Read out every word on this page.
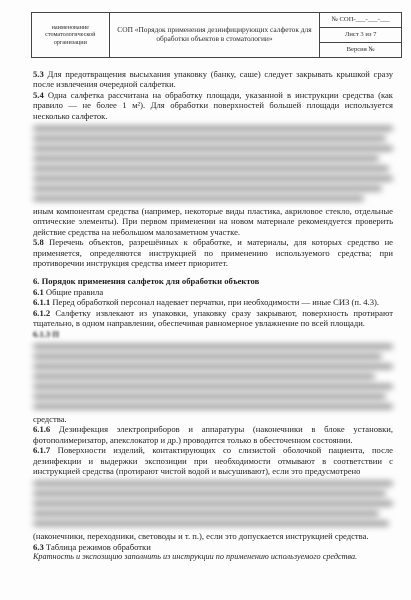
наименование стоматологической организации	СОП «Порядок применения дезинфицирующих салфеток для обработки объектов в стоматологии»	№ СОП-___-___-___
Лист 3 из 7
Версия №

5.3 Для предотвращения высыхания упаковку (банку, саше) следует закрывать крышкой сразу после извлечения очередной салфетки.

5.4 Одна салфетка рассчитана на обработку площади, указанной в инструкции средства (как правило — не более 1 м²). Для обработки поверхностей большей площади используется несколько салфеток.

иным компонентам средства (например, некоторые виды пластика, акриловое стекло, отдельные оптические элементы). При первом применении на новом материале рекомендуется проверить действие средства на небольшом малозаметном участке.

5.8 Перечень объектов, разрешённых к обработке, и материалы, для которых средство не применяется, определяются инструкцией по применению используемого средства; при противоречии инструкция средства имеет приоритет.

6. Порядок применения салфеток для обработки объектов

6.1 Общие правила

6.1.1 Перед обработкой персонал надевает перчатки, при необходимости — иные СИЗ (п. 4.3).

6.1.2 Салфетку извлекают из упаковки, упаковку сразу закрывают, поверхность протирают тщательно, в одном направлении, обеспечивая равномерное увлажнение по всей площади.

6.1.3 П

средства.

6.1.6 Дезинфекция электроприборов и аппаратуры (наконечники в блоке установки, фотополимеризатор, апекслокатор и др.) проводится только в обесточенном состоянии.

6.1.7 Поверхности изделий, контактирующих со слизистой оболочкой пациента, после дезинфекции и выдержки экспозиции при необходимости отмывают в соответствии с инструкцией средства (протирают чистой водой и высушивают), если это предусмотрено

(наконечники, переходники, световоды и т. п.), если это допускается инструкцией средства.

6.3 Таблица режимов обработки

Кратность и экспозицию заполнить из инструкции по применению используемого средства.
